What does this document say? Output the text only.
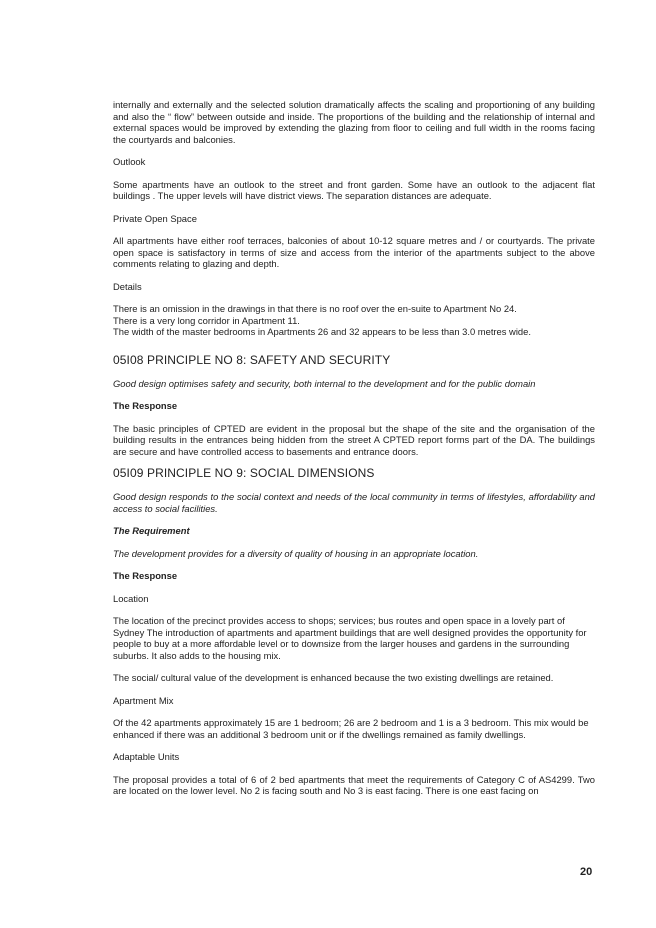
internally and externally and the selected solution dramatically affects the scaling and proportioning of any building and also the “ flow” between outside and inside. The proportions of the building and the relationship of internal and external spaces would be improved by extending the glazing from floor to ceiling and full width in the rooms facing the courtyards and balconies.

Outlook

Some apartments have an outlook to the street and front garden. Some have an outlook to the adjacent flat buildings . The upper levels will have district views. The separation distances are adequate.

Private Open Space

All apartments have either roof terraces, balconies of about 10-12 square metres and / or courtyards. The private open space is satisfactory in terms of size and access from the interior of the apartments subject to the above comments relating to glazing and depth.

Details

There is an omission in the drawings in that there is no roof over the en-suite to Apartment No 24.

There is a very long corridor in Apartment 11.

The width of the master bedrooms in Apartments 26 and 32 appears to be less than 3.0 metres wide.

05I08 PRINCIPLE NO 8: SAFETY AND SECURITY

Good design optimises safety and security, both internal to the development and for the public domain

The Response

The basic principles of CPTED are evident in the proposal but the shape of the site and the organisation of the building results in the entrances being hidden from the street A CPTED report forms part of the DA. The buildings are secure and have controlled access to basements and entrance doors.

05I09 PRINCIPLE NO 9: SOCIAL DIMENSIONS

Good design responds to the social context and needs of the local community in terms of lifestyles, affordability and access to social facilities.

The Requirement

The development provides for a diversity of quality of housing in an appropriate location.

The Response

Location

The location of the precinct provides access to shops; services; bus routes and open space in a lovely part of Sydney The introduction of apartments and apartment buildings that are well designed provides the opportunity for people to buy at a more affordable level or to downsize from the larger houses and gardens in the surrounding suburbs. It also adds to the housing mix.

The social/ cultural value of the development is enhanced because the two existing dwellings are retained.

Apartment Mix

Of the 42 apartments approximately 15 are 1 bedroom; 26 are 2 bedroom and 1 is a 3 bedroom. This mix would be enhanced if there was an additional 3 bedroom unit or if the dwellings remained as family dwellings.

Adaptable Units

The proposal provides a total of 6 of 2 bed apartments that meet the requirements of Category C of AS4299. Two are located on the lower level. No 2 is facing south and No 3 is east facing. There is one east facing on

20
